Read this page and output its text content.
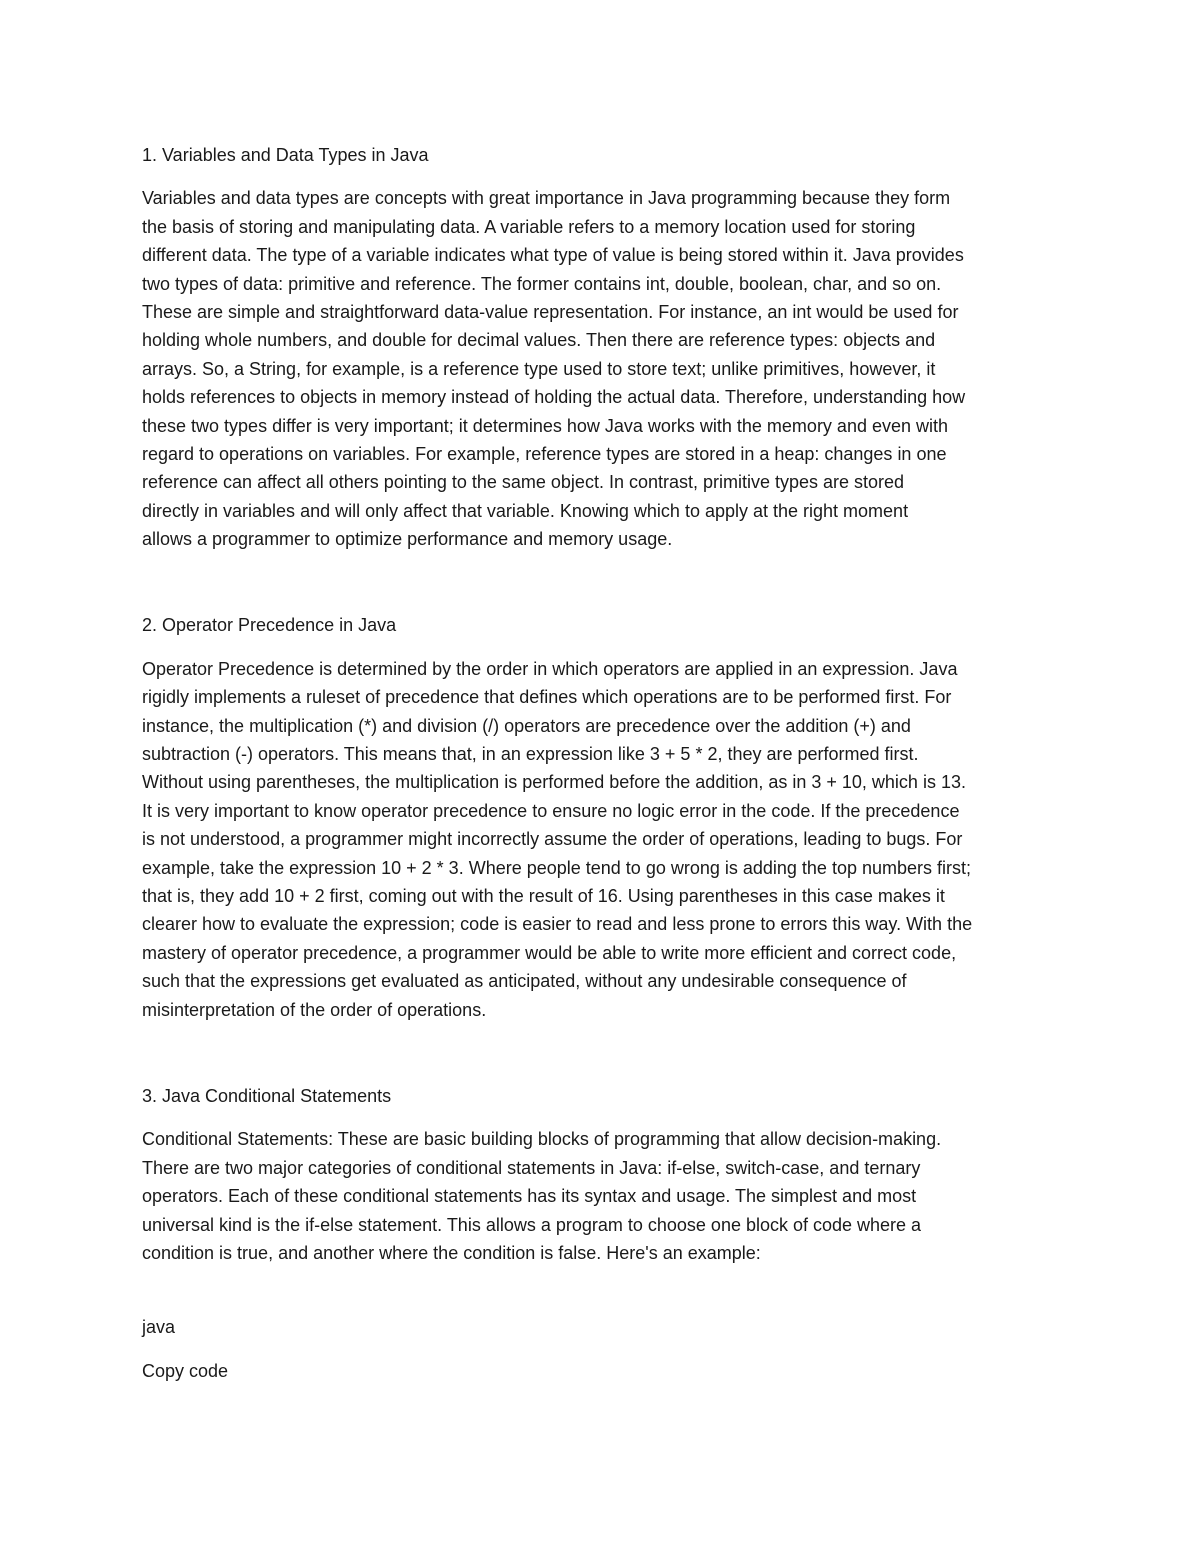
1. Variables and Data Types in Java
Variables and data types are concepts with great importance in Java programming because they form
the basis of storing and manipulating data. A variable refers to a memory location used for storing
different data. The type of a variable indicates what type of value is being stored within it. Java provides
two types of data: primitive and reference. The former contains int, double, boolean, char, and so on.
These are simple and straightforward data-value representation. For instance, an int would be used for
holding whole numbers, and double for decimal values. Then there are reference types: objects and
arrays. So, a String, for example, is a reference type used to store text; unlike primitives, however, it
holds references to objects in memory instead of holding the actual data. Therefore, understanding how
these two types differ is very important; it determines how Java works with the memory and even with
regard to operations on variables. For example, reference types are stored in a heap: changes in one
reference can affect all others pointing to the same object. In contrast, primitive types are stored
directly in variables and will only affect that variable. Knowing which to apply at the right moment
allows a programmer to optimize performance and memory usage.
2. Operator Precedence in Java
Operator Precedence is determined by the order in which operators are applied in an expression. Java
rigidly implements a ruleset of precedence that defines which operations are to be performed first. For
instance, the multiplication (*) and division (/) operators are precedence over the addition (+) and
subtraction (-) operators. This means that, in an expression like 3 + 5 * 2, they are performed first.
Without using parentheses, the multiplication is performed before the addition, as in 3 + 10, which is 13.
It is very important to know operator precedence to ensure no logic error in the code. If the precedence
is not understood, a programmer might incorrectly assume the order of operations, leading to bugs. For
example, take the expression 10 + 2 * 3. Where people tend to go wrong is adding the top numbers first;
that is, they add 10 + 2 first, coming out with the result of 16. Using parentheses in this case makes it
clearer how to evaluate the expression; code is easier to read and less prone to errors this way. With the
mastery of operator precedence, a programmer would be able to write more efficient and correct code,
such that the expressions get evaluated as anticipated, without any undesirable consequence of
misinterpretation of the order of operations.
3. Java Conditional Statements
Conditional Statements: These are basic building blocks of programming that allow decision-making.
There are two major categories of conditional statements in Java: if-else, switch-case, and ternary
operators. Each of these conditional statements has its syntax and usage. The simplest and most
universal kind is the if-else statement. This allows a program to choose one block of code where a
condition is true, and another where the condition is false. Here's an example:
java
Copy code
